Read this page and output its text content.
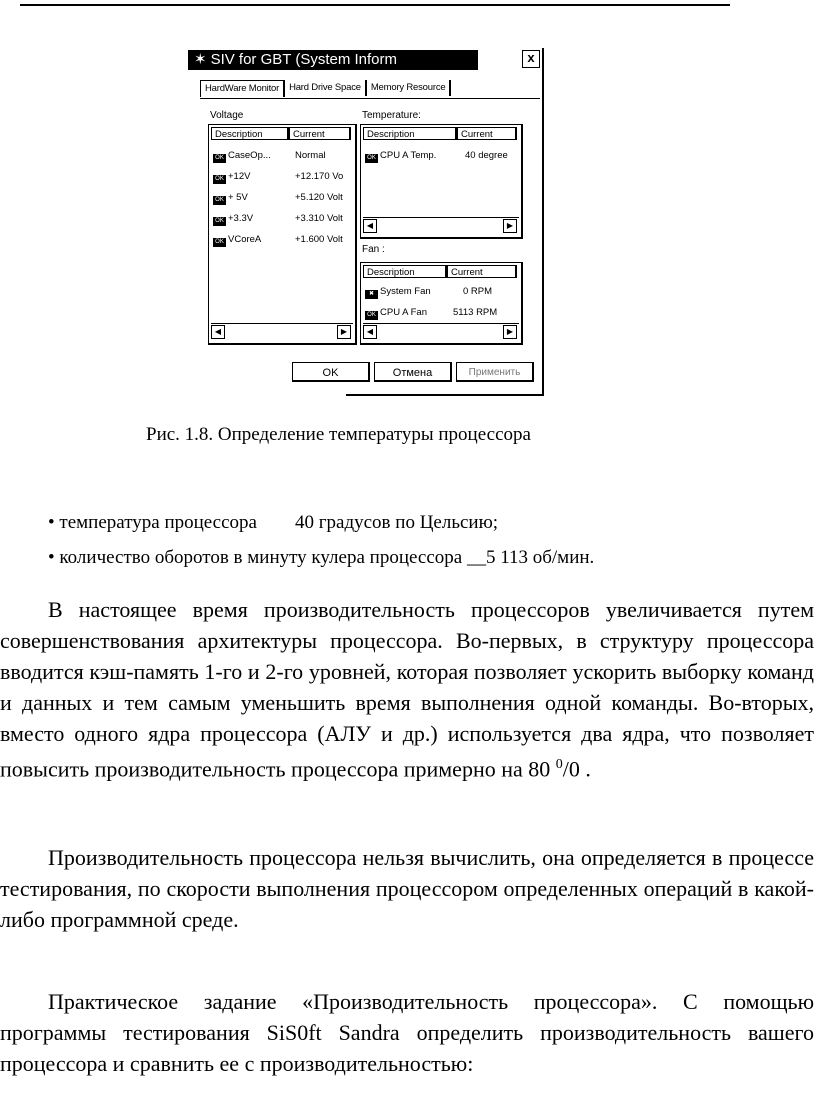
✶ SIV for GBT (System Inform	x
HardWare Monitor	Hard Drive Space	Memory Resource
Voltage
Description	Current
OK CaseOp...	Normal
OK +12V	+12.170 Vo
OK + 5V	+5.120 Volt
OK +3.3V	+3.310 Volt
OK VCoreA	+1.600 Volt
◀	▶
Temperature:
Description	Current
OK CPU A Temp.	40 degree
◀	▶
Fan :
Description	Current
✖ System Fan	0 RPM
OK CPU A Fan	5113 RPM
◀	▶
OK	Отмена	Применить
Рис. 1.8. Определение температуры процессора
• температура процессора        40 градусов по Цельсию;
• количество оборотов в минуту кулера процессора __5 113 об/мин.

В настоящее время производительность процессоров увеличивается путем совершенствования архитектуры процессора. Во-первых, в структуру процессора вводится кэш-память 1-го и 2-го уровней, которая позволяет ускорить выборку команд и данных и тем самым уменьшить время выполнения одной команды. Во-вторых, вместо одного ядра процессора (АЛУ и др.) используется два ядра, что позволяет повысить производительность процессора примерно на 80 $^0$/0 .

Производительность процессора нельзя вычислить, она определяется в процессе тестирования, по скорости выполнения процессором определенных операций в какой-либо программной среде.

Практическое задание «Производительность процессора». С помощью программы тестирования SiS0ft Sandra определить производительность вашего процессора и сравнить ее с производительностью:
